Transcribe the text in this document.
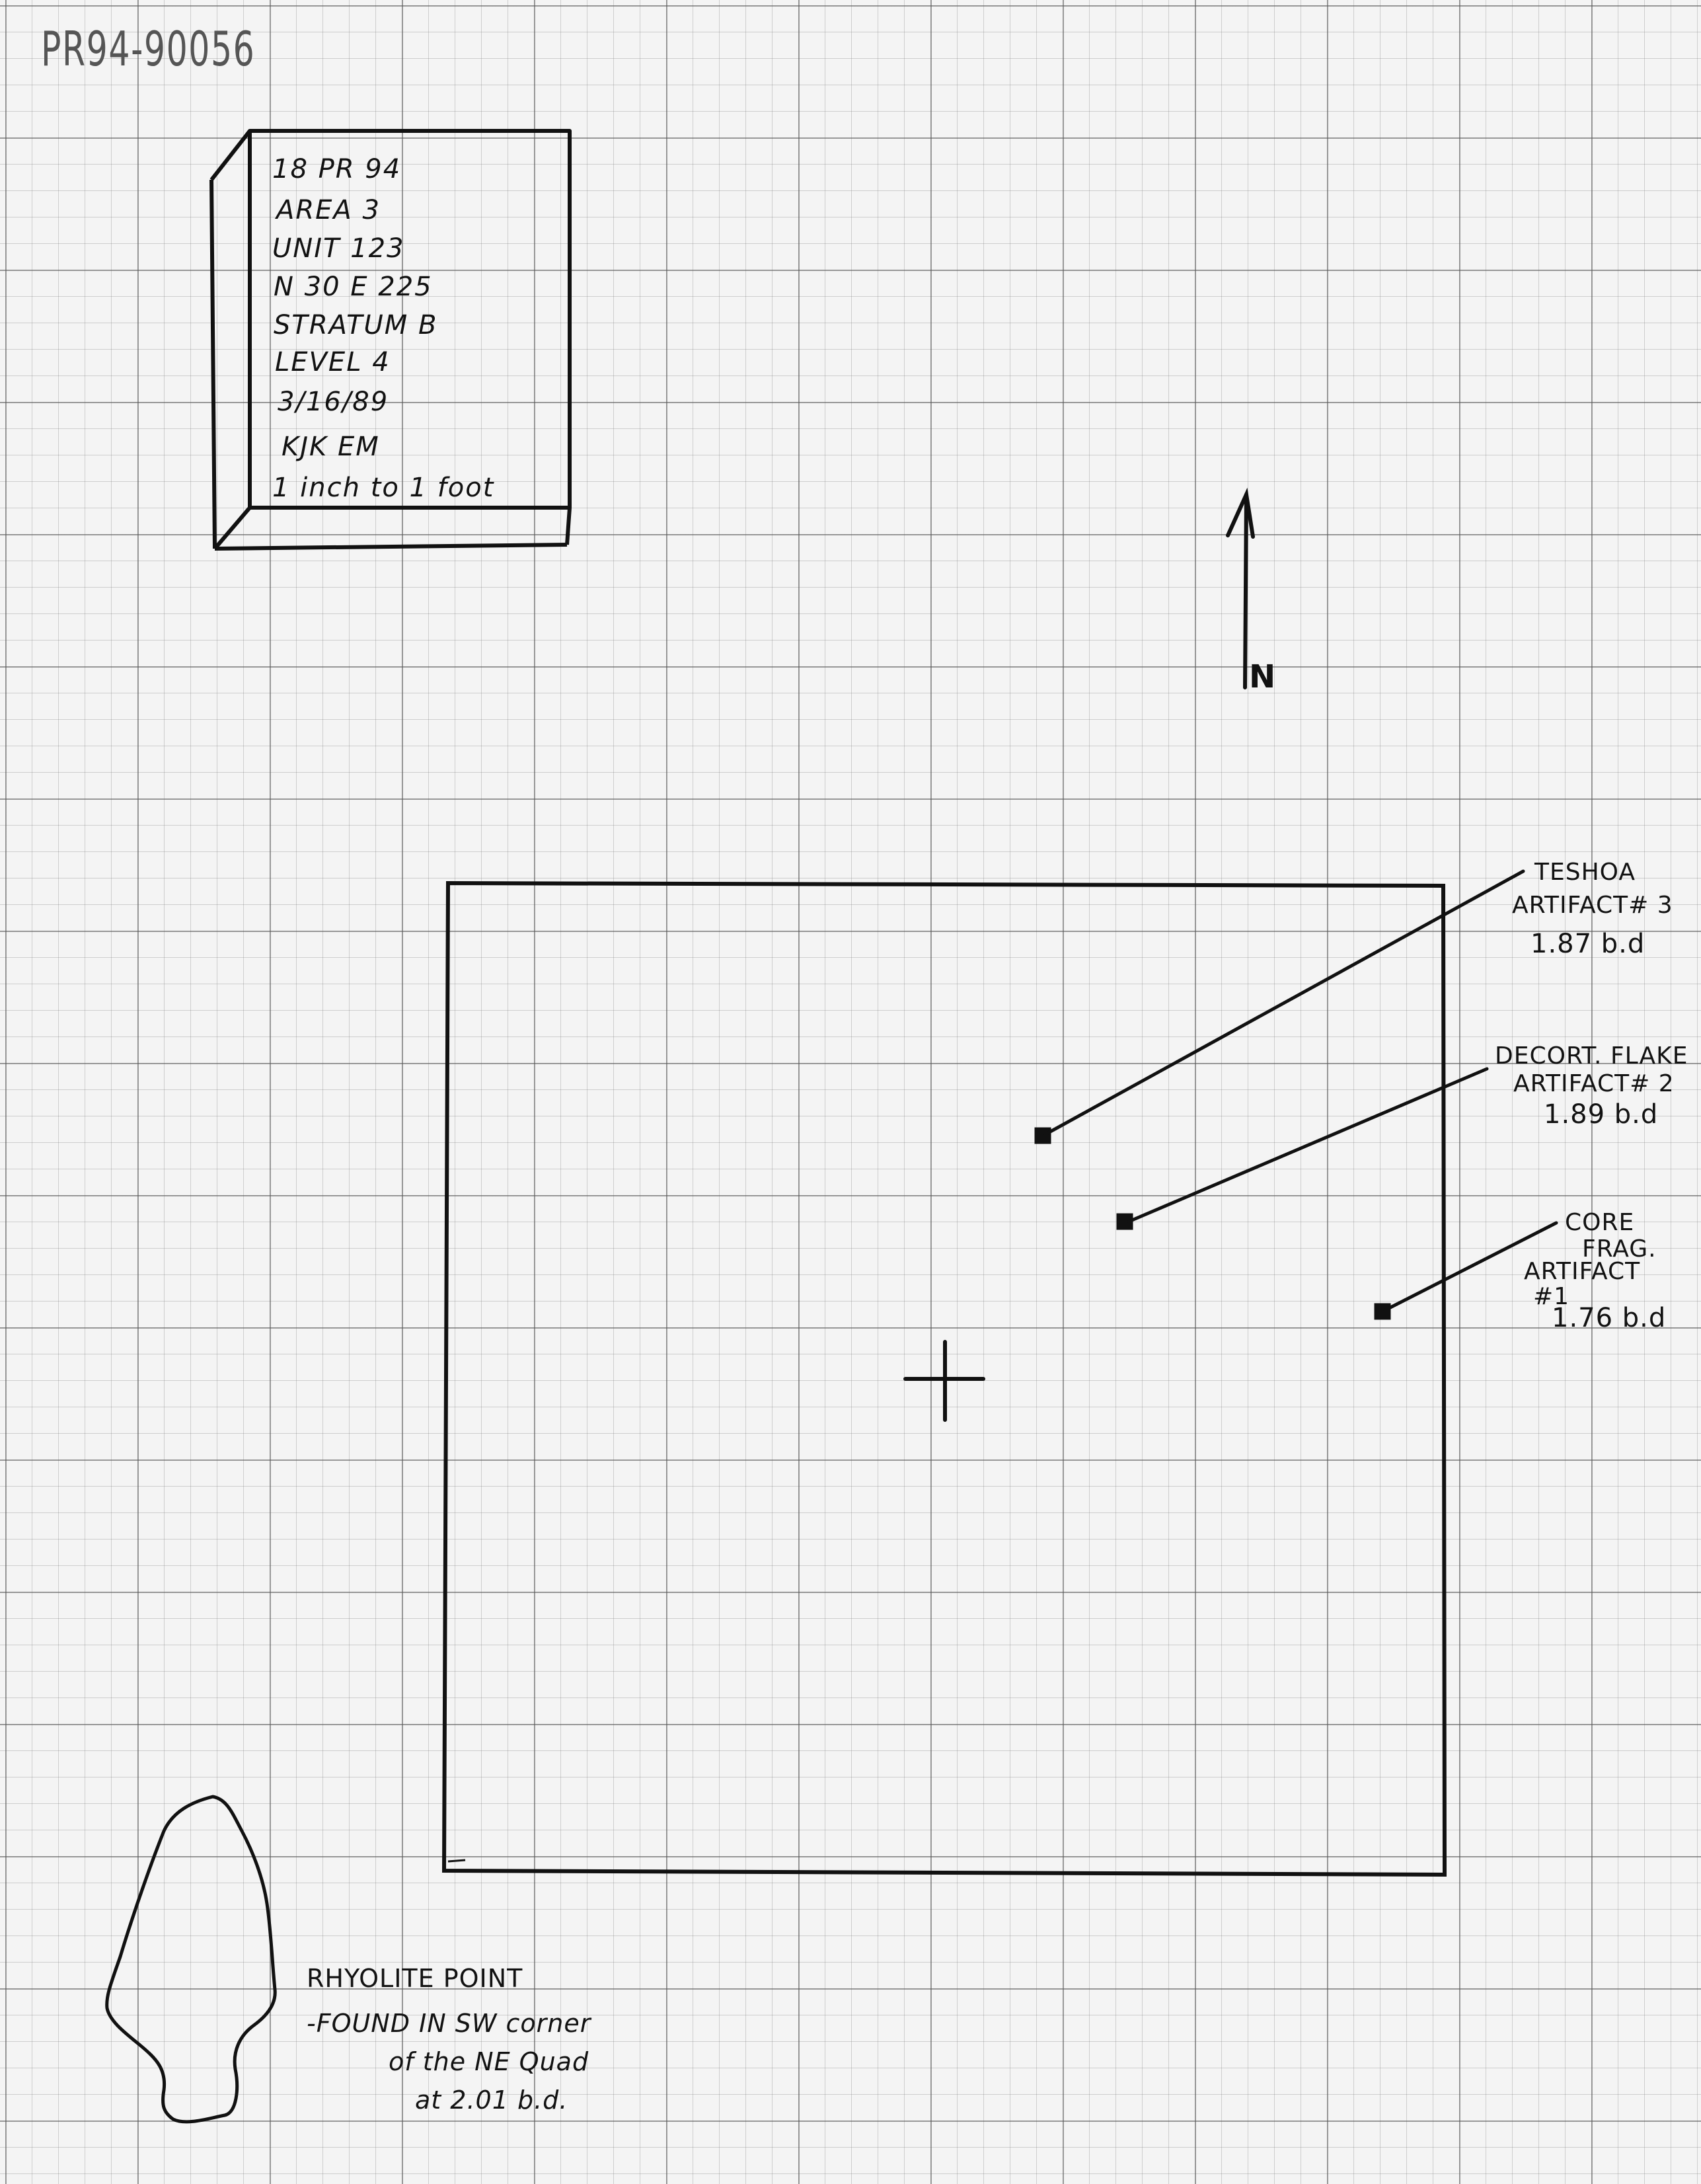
PR94-90056
18 PR 94
AREA 3
UNIT 123
N 30 E 225
STRATUM B
LEVEL 4
3/16/89
KJK EM
1 inch to 1 foot
N
TESHOA
ARTIFACT# 3
1.87 b.d
DECORT. FLAKE
ARTIFACT# 2
1.89 b.d
CORE
FRAG.
ARTIFACT
#1
1.76 b.d
RHYOLITE POINT
-FOUND IN SW corner
of the NE Quad
at 2.01 b.d.
